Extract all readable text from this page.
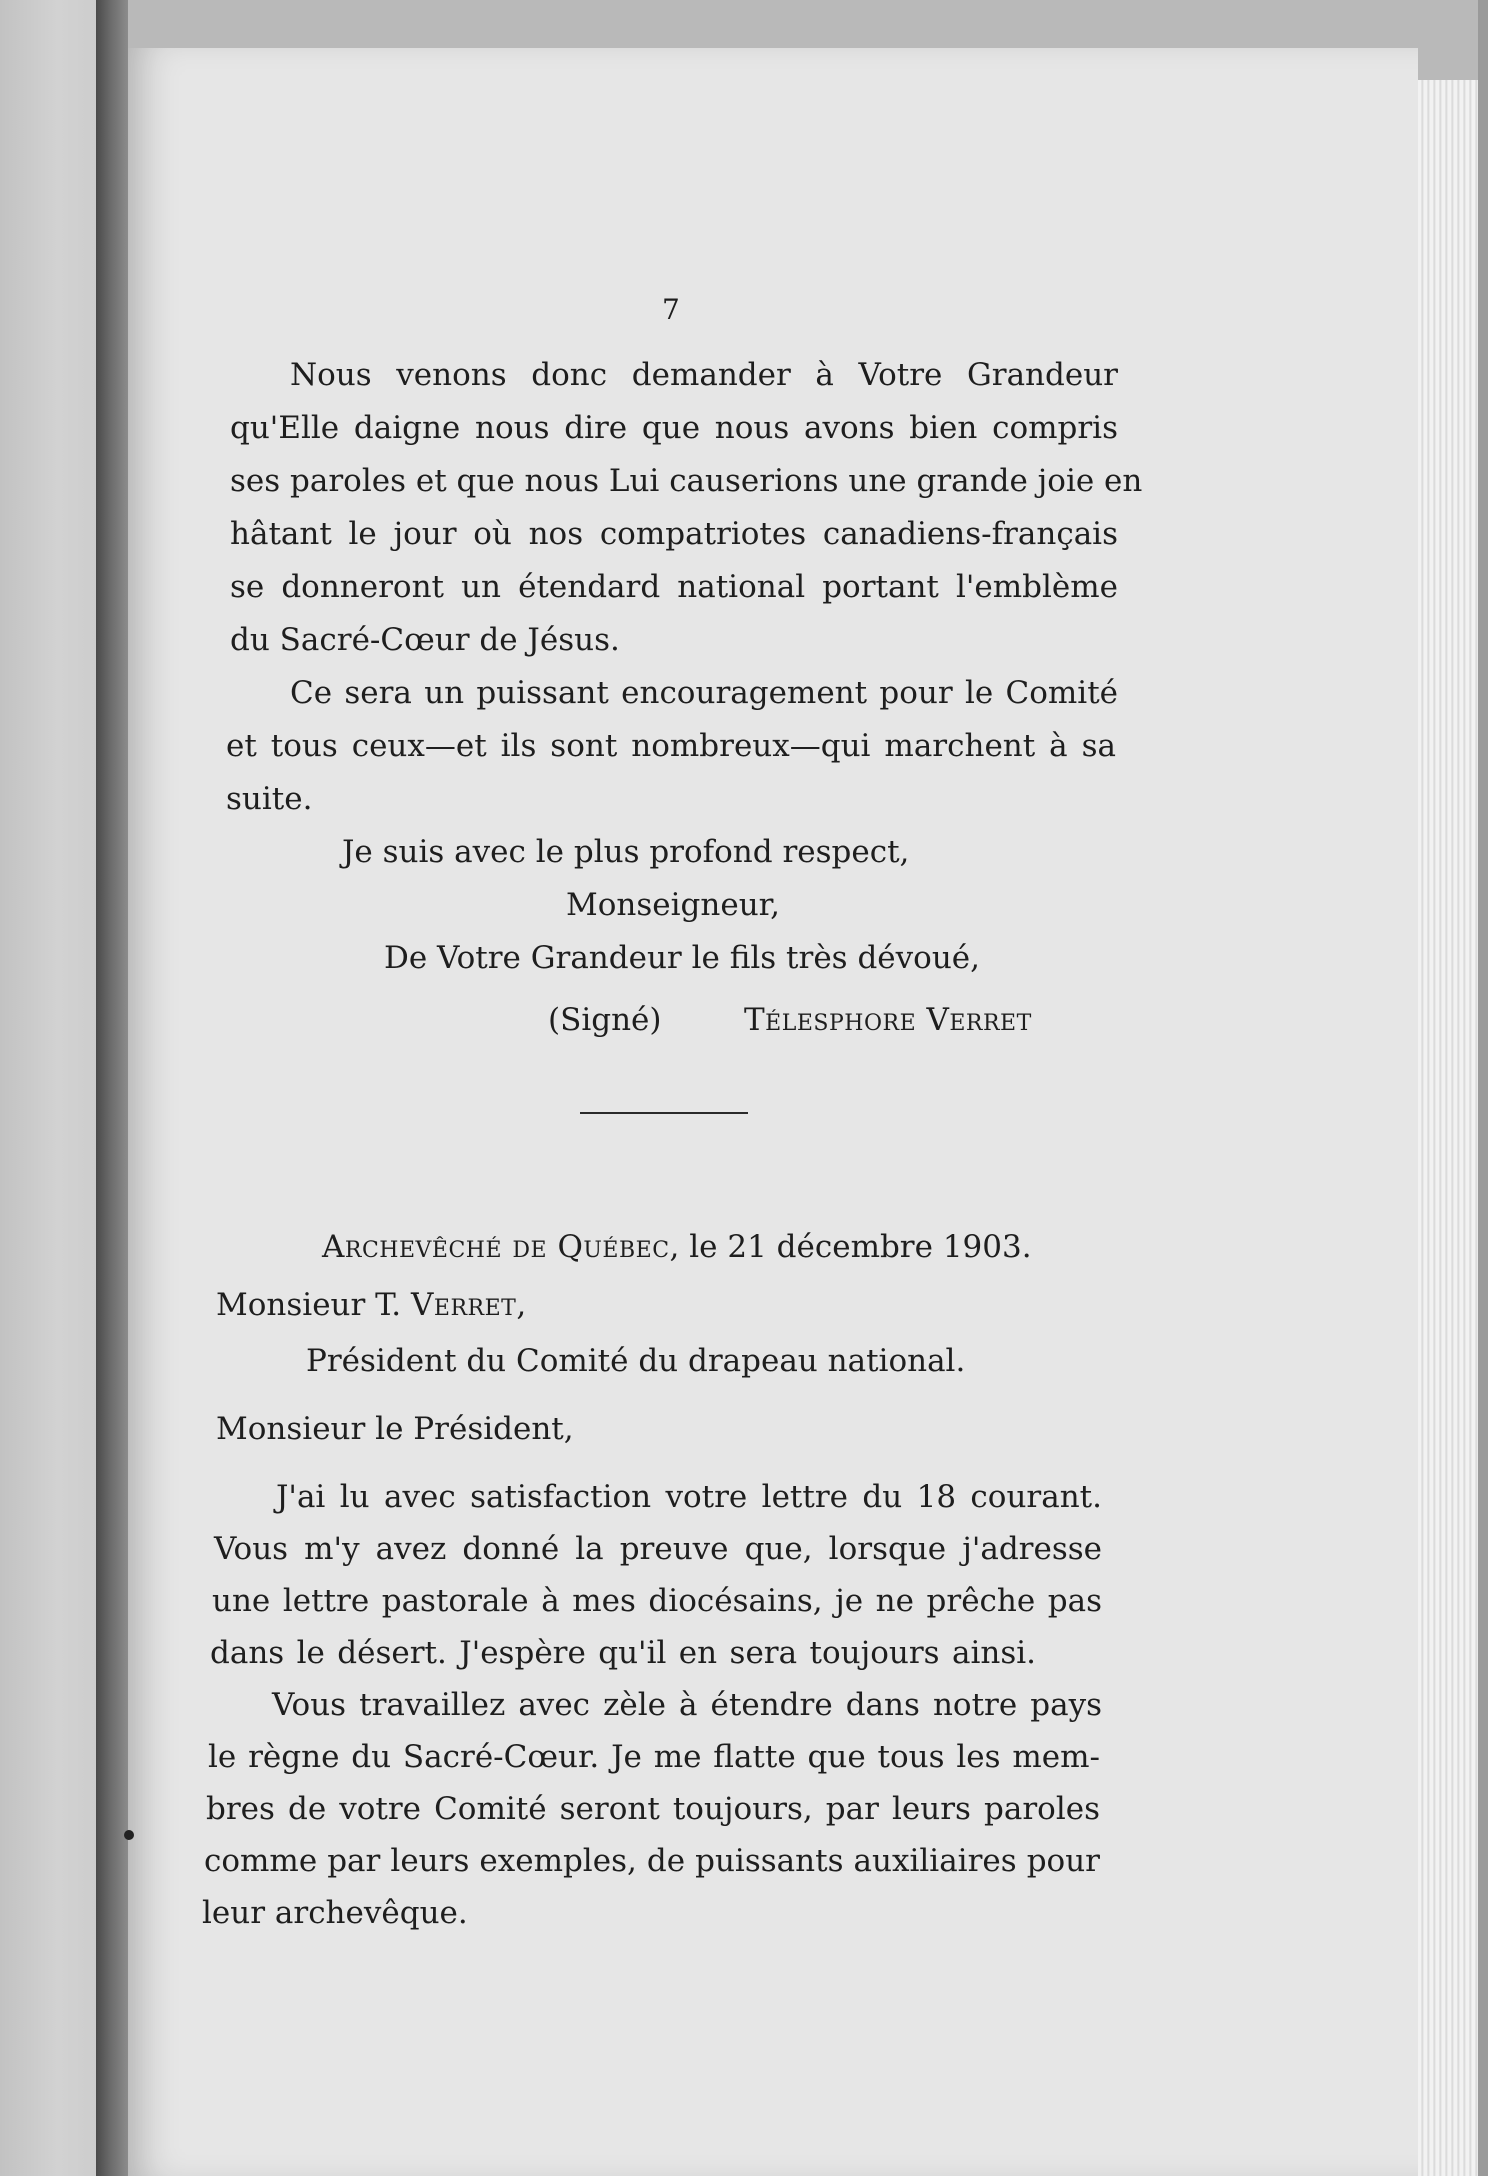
7
Nous venons donc demander à Votre Grandeur
qu'Elle daigne nous dire que nous avons bien compris
ses paroles et que nous Lui causerions une grande joie en
hâtant le jour où nos compatriotes canadiens-français
se donneront un étendard national portant l'emblème
du Sacré-Cœur de Jésus.
Ce sera un puissant encouragement pour le Comité
et tous ceux—et ils sont nombreux—qui marchent à sa
suite.
Je suis avec le plus profond respect,
Monseigneur,
De Votre Grandeur le fils très dévoué,
(Signé)	Télesphore Verret
Archevêché de Québec, le 21 décembre 1903.
Monsieur T. Verret,
Président du Comité du drapeau national.
Monsieur le Président,
J'ai lu avec satisfaction votre lettre du 18 courant.
Vous m'y avez donné la preuve que, lorsque j'adresse
une lettre pastorale à mes diocésains, je ne prêche pas
dans le désert. J'espère qu'il en sera toujours ainsi.
Vous travaillez avec zèle à étendre dans notre pays
le règne du Sacré-Cœur. Je me flatte que tous les mem-
bres de votre Comité seront toujours, par leurs paroles
comme par leurs exemples, de puissants auxiliaires pour
leur archevêque.
